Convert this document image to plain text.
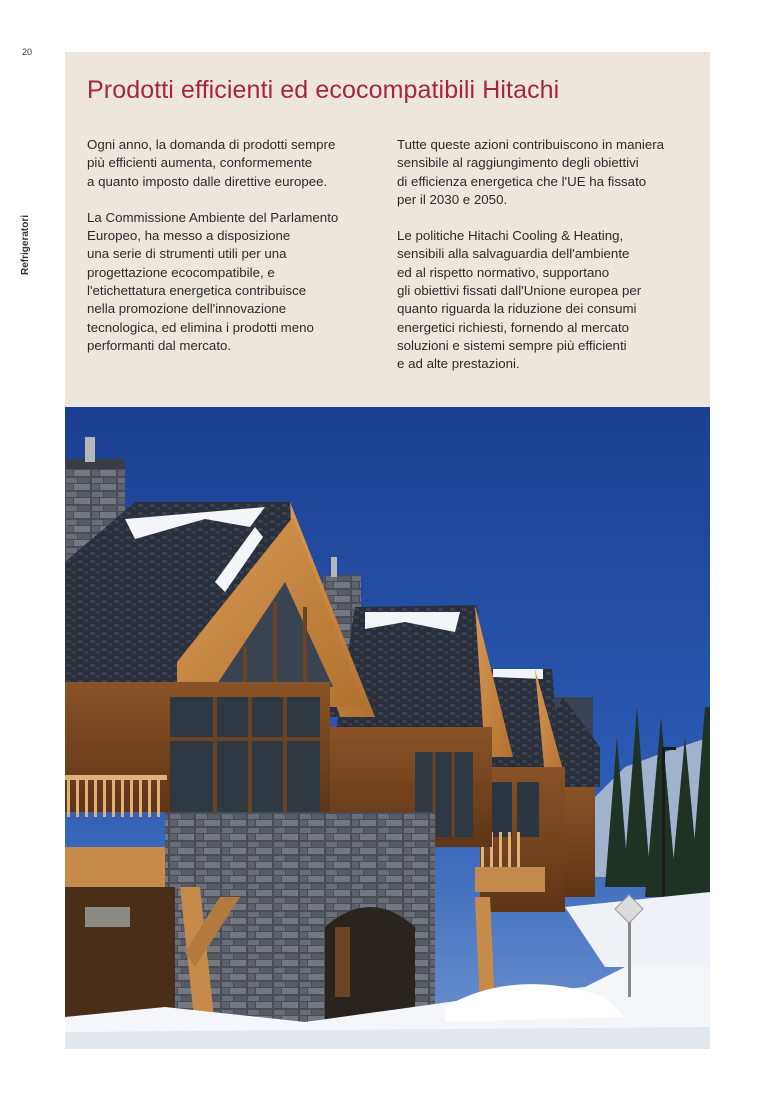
20
Refrigeratori
Prodotti efficienti ed ecocompatibili Hitachi

Ogni anno, la domanda di prodotti sempre
più efficienti aumenta, conformemente
a quanto imposto dalle direttive europee.

La Commissione Ambiente del Parlamento
Europeo, ha messo a disposizione
una serie di strumenti utili per una
progettazione ecocompatibile, e
l'etichettatura energetica contribuisce
nella promozione dell'innovazione
tecnologica, ed elimina i prodotti meno
performanti dal mercato.

Tutte queste azioni contribuiscono in maniera
sensibile al raggiungimento degli obiettivi
di efficienza energetica che l'UE ha fissato
per il 2030 e 2050.

Le politiche Hitachi Cooling & Heating,
sensibili alla salvaguardia dell'ambiente
ed al rispetto normativo, supportano
gli obiettivi fissati dall'Unione europea per
quanto riguarda la riduzione dei consumi
energetici richiesti, fornendo al mercato
soluzioni e sistemi sempre più efficienti
e ad alte prestazioni.
